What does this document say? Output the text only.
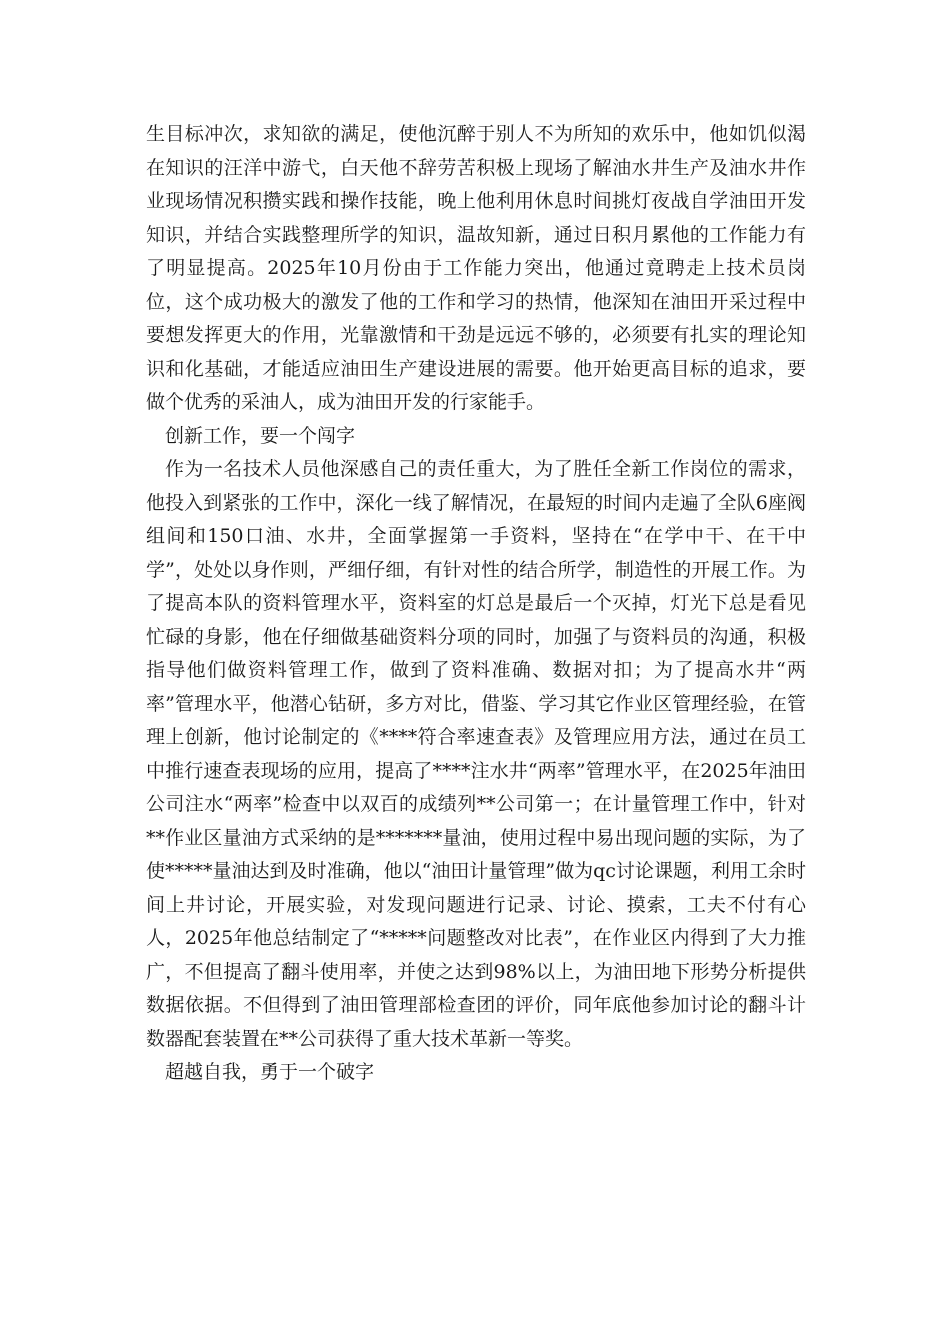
生目标冲次，求知欲的满足，使他沉醉于别人不为所知的欢乐中，他如饥似渴在知识的汪洋中游弋，白天他不辞劳苦积极上现场了解油水井生产及油水井作业现场情况积攒实践和操作技能，晚上他利用休息时间挑灯夜战自学油田开发知识，并结合实践整理所学的知识，温故知新，通过日积月累他的工作能力有了明显提高。2025年10月份由于工作能力突出，他通过竟聘走上技术员岗位，这个成功极大的激发了他的工作和学习的热情，他深知在油田开采过程中要想发挥更大的作用，光靠激情和干劲是远远不够的，必须要有扎实的理论知识和化基础，才能适应油田生产建设进展的需要。他开始更高目标的追求，要做个优秀的采油人，成为油田开发的行家能手。

创新工作，要一个闯字

作为一名技术人员他深感自己的责任重大，为了胜任全新工作岗位的需求，他投入到紧张的工作中，深化一线了解情况，在最短的时间内走遍了全队6座阀组间和150口油、水井，全面掌握第一手资料，坚持在“在学中干、在干中学”，处处以身作则，严细仔细，有针对性的结合所学，制造性的开展工作。为了提高本队的资料管理水平，资料室的灯总是最后一个灭掉，灯光下总是看见忙碌的身影，他在仔细做基础资料分项的同时，加强了与资料员的沟通，积极指导他们做资料管理工作，做到了资料准确、数据对扣；为了提高水井“两率”管理水平，他潜心钻研，多方对比，借鉴、学习其它作业区管理经验，在管理上创新，他讨论制定的《****符合率速查表》及管理应用方法，通过在员工中推行速查表现场的应用，提高了****注水井“两率”管理水平，在2025年油田公司注水“两率”检查中以双百的成绩列**公司第一；在计量管理工作中，针对**作业区量油方式采纳的是*******量油，使用过程中易出现问题的实际，为了使*****量油达到及时准确，他以“油田计量管理”做为qc讨论课题，利用工余时间上井讨论，开展实验，对发现问题进行记录、讨论、摸索，工夫不付有心人，2025年他总结制定了“*****问题整改对比表”，在作业区内得到了大力推广，不但提高了翻斗使用率，并使之达到98%以上，为油田地下形势分析提供数据依据。不但得到了油田管理部检查团的评价，同年底他参加讨论的翻斗计数器配套装置在**公司获得了重大技术革新一等奖。

超越自我，勇于一个破字
